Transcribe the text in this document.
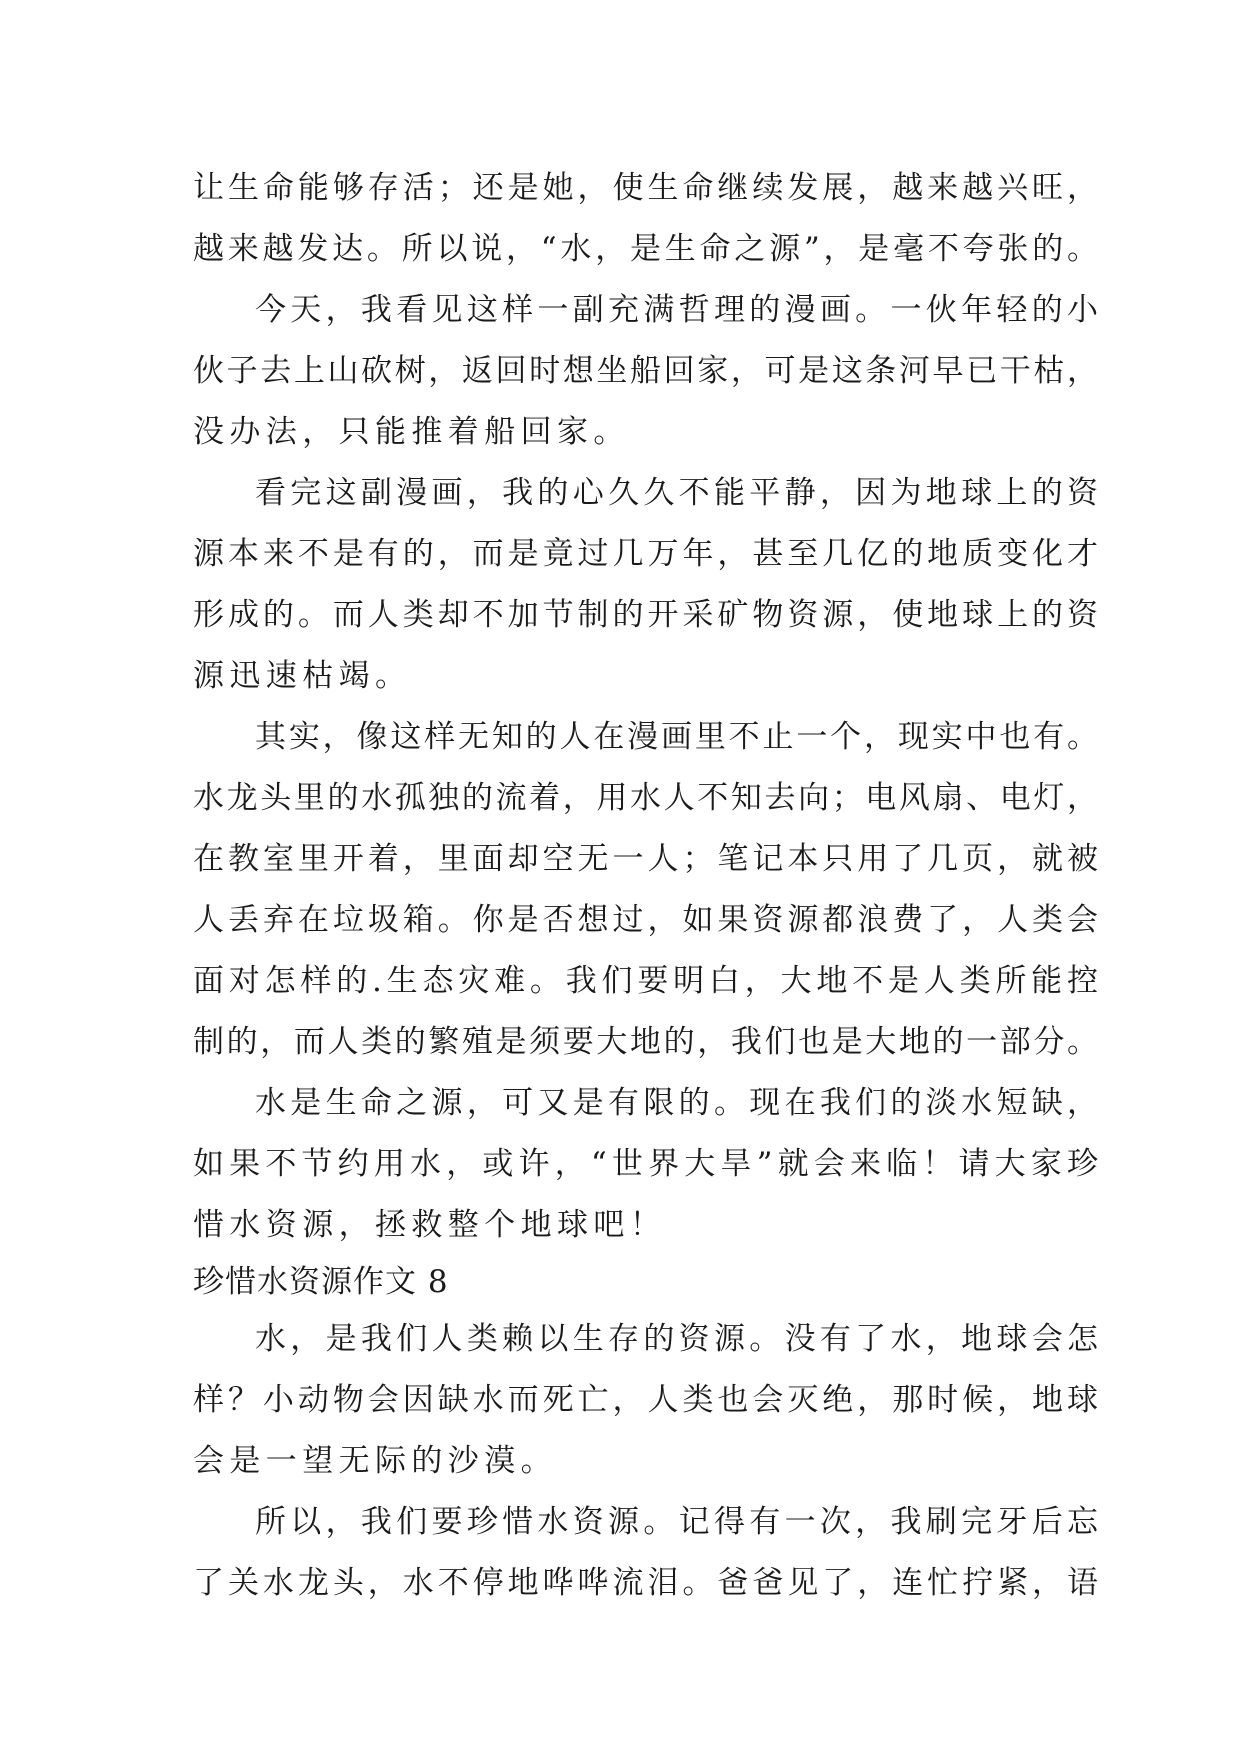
让生命能够存活；还是她，使生命继续发展，越来越兴旺，
越来越发达。所以说，“水，是生命之源”，是毫不夸张的。
今天，我看见这样一副充满哲理的漫画。一伙年轻的小
伙子去上山砍树，返回时想坐船回家，可是这条河早已干枯，
没办法，只能推着船回家。
看完这副漫画，我的心久久不能平静，因为地球上的资
源本来不是有的，而是竟过几万年，甚至几亿的地质变化才
形成的。而人类却不加节制的开采矿物资源，使地球上的资
源迅速枯竭。
其实，像这样无知的人在漫画里不止一个，现实中也有。
水龙头里的水孤独的流着，用水人不知去向；电风扇、电灯，
在教室里开着，里面却空无一人；笔记本只用了几页，就被
人丢弃在垃圾箱。你是否想过，如果资源都浪费了，人类会
面对怎样的.生态灾难。我们要明白，大地不是人类所能控
制的，而人类的繁殖是须要大地的，我们也是大地的一部分。
水是生命之源，可又是有限的。现在我们的淡水短缺，
如果不节约用水，或许，“世界大旱”就会来临！请大家珍
惜水资源，拯救整个地球吧！
珍惜水资源作文 8
水，是我们人类赖以生存的资源。没有了水，地球会怎
样？小动物会因缺水而死亡，人类也会灭绝，那时候，地球
会是一望无际的沙漠。
所以，我们要珍惜水资源。记得有一次，我刷完牙后忘
了关水龙头，水不停地哗哗流泪。爸爸见了，连忙拧紧，语
